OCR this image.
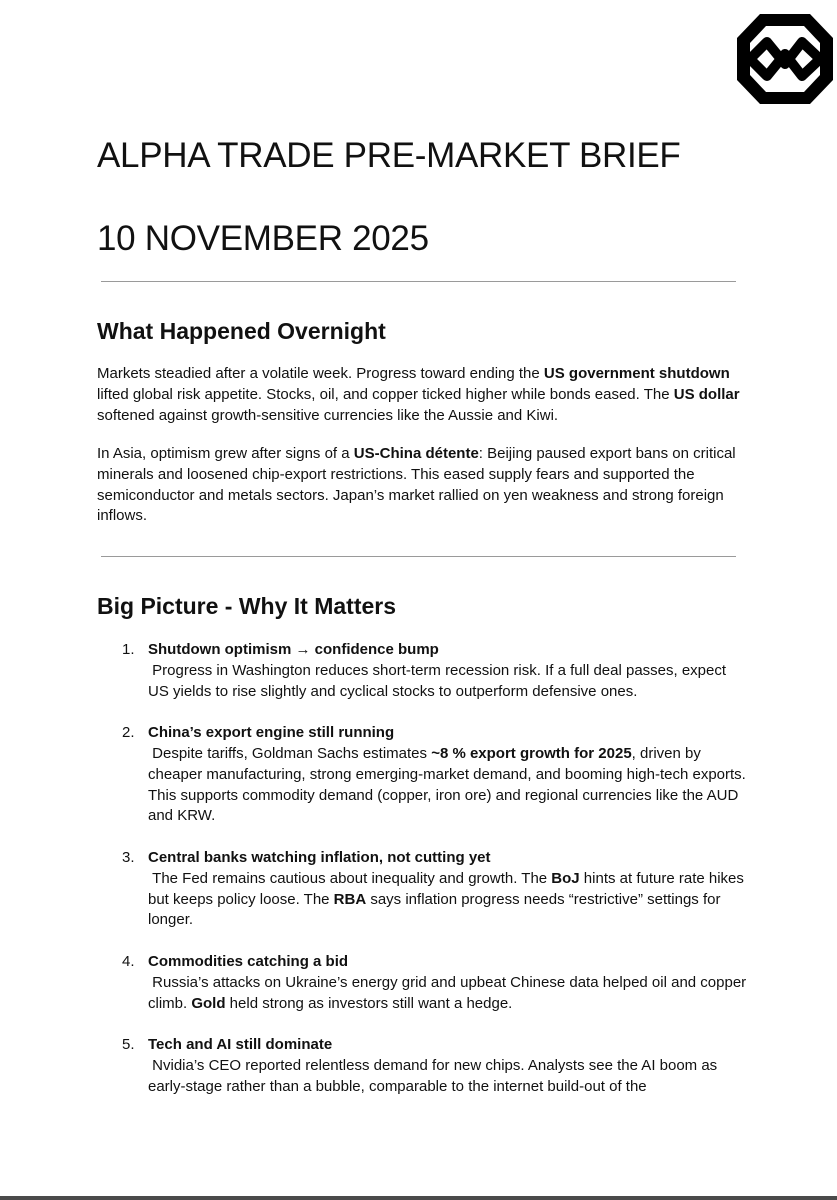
ALPHA TRADE PRE-MARKET BRIEF
10 NOVEMBER 2025
What Happened Overnight

Markets steadied after a volatile week. Progress toward ending the US government shutdown lifted global risk appetite. Stocks, oil, and copper ticked higher while bonds eased. The US dollar softened against growth‑sensitive currencies like the Aussie and Kiwi.

In Asia, optimism grew after signs of a US-China détente: Beijing paused export bans on critical minerals and loosened chip‑export restrictions. This eased supply fears and supported the semiconductor and metals sectors. Japan’s market rallied on yen weakness and strong foreign inflows.

Big Picture - Why It Matters
1. Shutdown optimism → confidence bump
Progress in Washington reduces short‑term recession risk. If a full deal passes, expect US yields to rise slightly and cyclical stocks to outperform defensive ones.
2. China’s export engine still running
Despite tariffs, Goldman Sachs estimates ~8 % export growth for 2025, driven by cheaper manufacturing, strong emerging‑market demand, and booming high‑tech exports. This supports commodity demand (copper, iron ore) and regional currencies like the AUD and KRW.
3. Central banks watching inflation, not cutting yet
The Fed remains cautious about inequality and growth. The BoJ hints at future rate hikes but keeps policy loose. The RBA says inflation progress needs “restrictive” settings for longer.
4. Commodities catching a bid
Russia’s attacks on Ukraine’s energy grid and upbeat Chinese data helped oil and copper climb. Gold held strong as investors still want a hedge.
5. Tech and AI still dominate
Nvidia’s CEO reported relentless demand for new chips. Analysts see the AI boom as early‑stage rather than a bubble, comparable to the internet build‑out of the
